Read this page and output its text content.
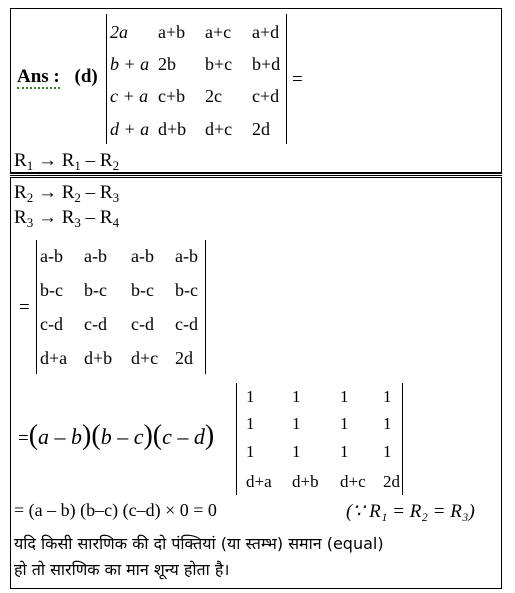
Ans : (d)
2a a+b a+c a+d
b + a 2b b+c b+d
c + a c+b 2c c+d
d + a d+b d+c 2d
=
$R_1 \to R_1 - R_2$
$R_2 \to R_2 - R_3$
$R_3 \to R_3 - R_4$
=
a-b a-b a-b a-b
b-c b-c b-c b-c
c-d c-d c-d c-d
d+a d+b d+c 2d
=(a – b)(b – c)(c – d)
1 1 1 1
1 1 1 1
1 1 1 1
d+a d+b d+c 2d
= (a – b) (b–c) (c–d) × 0 = 0	(∵ R₁ = R₂ = R₃)
यदि किसी सारणिक की दो पंक्तियां (या स्तम्भ) समान (equal)
हो तो सारणिक का मान शून्य होता है।
